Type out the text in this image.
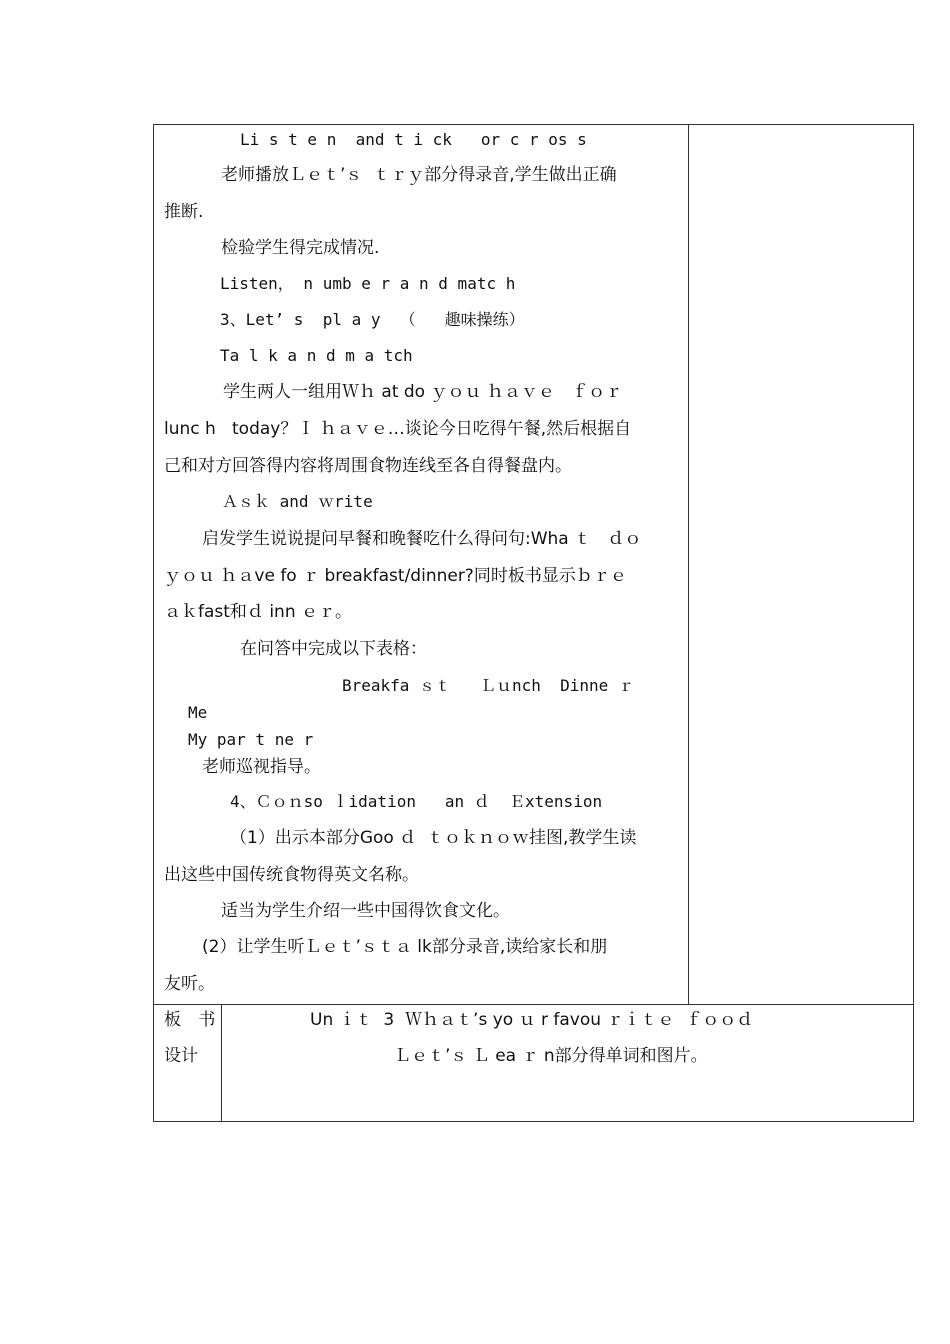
Li s t e n  and t i ck   or c r os s
老师播放Ｌｅｔ’ｓ  ｔｒｙ部分得录音,学生做出正确
推断.
检验学生得完成情况.
Listen， n umb e r a n d matc h
3、Let’ s  pl a y  （   趣味操练）
Ta l k a n d m a tch
学生两人一组用Ｗｈ at do ｙｏｕ ｈａｖｅ   ｆｏｒ
lunc h   today？Ｉ ｈａｖｅ…谈论今日吃得午餐,然后根据自
己和对方回答得内容将周围食物连线至各自得餐盘内。
Ａｓｋ and ｗrite
启发学生说说提问早餐和晚餐吃什么得问句:Wha ｔ   ｄｏ
ｙｏｕ ｈａve fo ｒ breakfast/dinner?同时板书显示ｂｒｅ
ａｋfast和ｄ inn ｅｒ。
在问答中完成以下表格：
Breakfa ｓｔ   Ｌｕnch  Dinne ｒ
Me
My par t ne r
老师巡视指导。
4、Ｃｏｎso ｌidation   an ｄ  Ｅxtension
（1）出示本部分Goo ｄ  ｔｏｋｎｏｗ挂图,教学生读
出这些中国传统食物得英文名称。
适当为学生介绍一些中国得饮食文化。
(2）让学生听Ｌｅｔ’ｓｔａ lk部分录音,读给家长和朋
友听。
板 书
设计
Un ｉｔ  3  Ｗｈａｔ’s yo ｕ r favou ｒｉｔｅ  ｆｏｏｄ
Ｌｅｔ’ｓ Ｌ ea ｒ n部分得单词和图片。
